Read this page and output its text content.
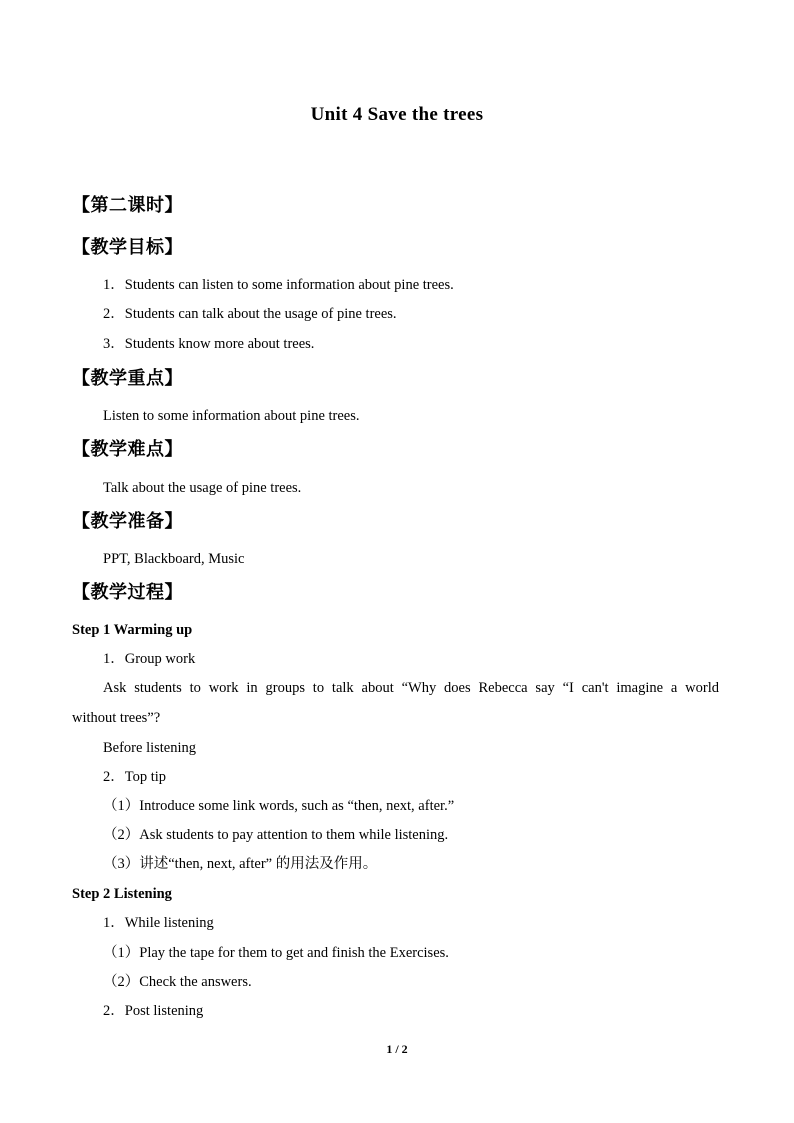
Unit 4 Save the trees
【第二课时】
【教学目标】
1．Students can listen to some information about pine trees.
2．Students can talk about the usage of pine trees.
3．Students know more about trees.
【教学重点】
Listen to some information about pine trees.
【教学难点】
Talk about the usage of pine trees.
【教学准备】
PPT, Blackboard, Music
【教学过程】
Step 1 Warming up
1．Group work
Ask students to work in groups to talk about “Why does Rebecca say “I can't imagine a world
without trees”?
Before listening
2．Top tip
（1）Introduce some link words, such as “then, next, after.”
（2）Ask students to pay attention to them while listening.
（3）讲述“then, next, after” 的用法及作用。
Step 2 Listening
1．While listening
（1）Play the tape for them to get and finish the Exercises.
（2）Check the answers.
2．Post listening
1 / 2
